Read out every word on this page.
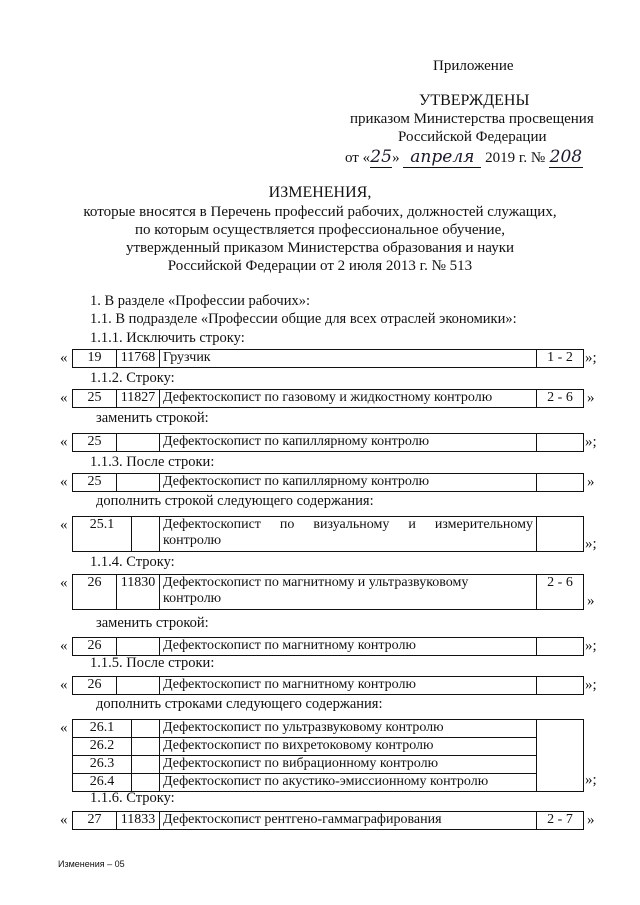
Приложение
УТВЕРЖДЕНЫ
приказом Министерства просвещения
Российской Федерации
от «25» апреля 2019 г. № 208
ИЗМЕНЕНИЯ,
которые вносятся в Перечень профессий рабочих, должностей служащих,
по которым осуществляется профессиональное обучение,
утвержденный приказом Министерства образования и науки
Российской Федерации от 2 июля 2013 г. № 513
1. В разделе «Профессии рабочих»:
1.1. В подразделе «Профессии общие для всех отраслей экономики»:
1.1.1. Исключить строку:
« 19	11768	Грузчик	1 - 2 »;
1.1.2. Строку:
« 25	11827	Дефектоскопист по газовому и жидкостному контролю	2 - 6 »
заменить строкой:
« 25		Дефектоскопист по капиллярному контролю		»;
1.1.3. После строки:
« 25		Дефектоскопист по капиллярному контролю		»
дополнить строкой следующего содержания:
« 25.1		Дефектоскопист по визуальному и измерительному
контролю
		»;
1.1.4. Строку:
« 26	11830	Дефектоскопист по магнитному и ультразвуковому
контролю
	2 - 6
»
заменить строкой:
« 26		Дефектоскопист по магнитному контролю		»;
1.1.5. После строки:
« 26		Дефектоскопист по магнитному контролю		»;
дополнить строками следующего содержания:
« 26.1		Дефектоскопист по ультразвуковому контролю	
26.2		Дефектоскопист по вихретоковому контролю	
26.3		Дефектоскопист по вибрационному контролю	
26.4		Дефектоскопист по акустико-эмиссионному контролю		»;
1.1.6. Строку:
« 27	11833	Дефектоскопист рентгено-гаммаграфирования	2 - 7 »
Изменения – 05
